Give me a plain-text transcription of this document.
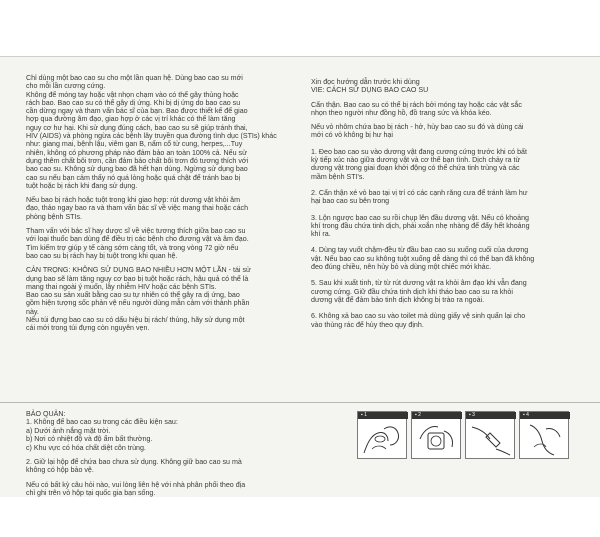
Chỉ dùng một bao cao su cho một lần quan hệ. Dùng bao cao su mới

cho mỗi lần cương cứng.

Không để móng tay hoặc vật nhọn chạm vào có thể gây thủng hoặc

rách bao. Bao cao su có thể gây dị ứng. Khi bị dị ứng do bao cao su

cần dừng ngay và tham vấn bác sĩ của bạn. Bao được thiết kế để giao

hợp qua đường âm đạo, giao hợp ở các vị trí khác có thể làm tăng

nguy cơ hư hại. Khi sử dụng đúng cách, bao cao su sẽ giúp tránh thai,

HIV (AIDS) và phòng ngừa các bệnh lây truyền qua đường tình dục (STIs) khác

như: giang mai, bệnh lậu, viêm gan B, nấm cổ tử cung, herpes,...Tuy

nhiên, không có phương pháp nào đảm bảo an toàn 100% cả. Nếu sử

dụng thêm chất bôi trơn, cần đảm bảo chất bôi trơn đó tương thích với

bao cao su. Không sử dụng bao đã hết hạn dùng. Ngừng sử dụng bao

cao su nếu bạn cảm thấy nó quá lỏng hoặc quá chật để tránh bao bị

tuột hoặc bị rách khi đang sử dụng.

Nếu bao bị rách hoặc tuột trong khi giao hợp: rút dương vật khỏi âm

đạo, thảo ngay bao ra và tham vấn bác sĩ về việc mang thai hoặc cách

phòng bệnh STIs.

Tham vấn với bác sĩ hay dược sĩ về việc tương thích giữa bao cao su

với loại thuốc bạn dùng để điều trị các bệnh cho đương vật và âm đạo.

Tìm kiếm trợ giúp y tế càng sớm càng tốt, và trong vòng 72 giờ nếu

bao cao su bị rách hay bị tuột trong khi quan hệ.

CẢN TRỌNG: KHÔNG SỬ DỤNG BAO NHIỀU HƠN MỘT LẦN - tái sử

dụng bao sẽ làm tăng nguy cơ bao bị tuột hoặc rách, hậu quả có thể là

mang thai ngoài ý muốn, lây nhiễm HIV hoặc các bệnh STIs.

Bao cao su sản xuất bằng cao su tự nhiên có thể gây ra dị ứng, bao

gồm hiện tượng sốc phản vệ nếu người dùng mẫn cảm với thành phần

này.

Nếu túi đựng bao cao su có dấu hiệu bị rách/ thủng, hãy sử dụng một

cái mới trong túi đựng còn nguyên vẹn.

Xin đọc hướng dẫn trước khi dùng

VIE: CÁCH SỬ DỤNG BAO CAO SU

Cẩn thận. Bao cao su có thể bị rách bởi móng tay hoặc các vật sắc

nhọn theo người như đồng hồ, đồ trang sức và khóa kéo.

Nếu vỏ nhôm chứa bao bị rách - hở, hủy bao cao su đó và dùng cái

mới có vỏ không bị hư hại

1. Đeo bao cao su vào dương vật đang cương cứng trước khi có bất

kỳ tiếp xúc nào giữa dương vật và cơ thể bạn tình. Dịch chảy ra từ

dương vật trong giai đoạn khởi động có thể chứa tinh trùng và các

mầm bệnh STI's.

2. Cẩn thận xé vỏ bao tại vị trí có các cạnh răng cưa để tránh làm hư

hại bao cao su bên trong

3. Lộn ngược bao cao su rồi chụp lên đầu dương vật. Nếu có khoảng

khí trong đầu chứa tinh dịch, phải xoắn nhẹ nhàng để đẩy hết khoảng

khí ra.

4. Dùng tay vuốt chậm-đều từ đầu bao cao su xuống cuối của dương

vật. Nếu bao cao su không tuột xuống dễ dàng thì có thể bạn đã không

đeo đúng chiều, nên hủy bỏ và dùng một chiếc mới khác.

5. Sau khi xuất tinh, từ từ rút dương vật ra khỏi âm đạo khi vẫn đang

cương cứng. Giữ đầu chứa tinh dịch khi tháo bao cao su ra khỏi

dương vật để đảm bảo tinh dịch không bị trào ra ngoài.

6. Không xả bao cao su vào toilet mà dùng giấy vệ sinh quấn lại cho

vào thùng rác để hủy theo quy định.

BẢO QUẢN:

1. Không để bao cao su trong các điều kiện sau:

a) Dưới ánh nắng mặt trời.

b) Nơi có nhiệt độ và độ ẩm bất thường.

c) Khu vực có hóa chất diệt côn trùng.

2. Giữ lại hộp để chứa bao chưa sử dụng. Không giữ bao cao su mà

không có hộp bảo vệ.

Nếu có bất kỳ câu hỏi nào, vui lòng liên hệ với nhà phân phối theo địa

chỉ ghi trên vỏ hộp tại quốc gia bạn sống.

▪ 1	▪ 2	▪ 3	▪ 4
